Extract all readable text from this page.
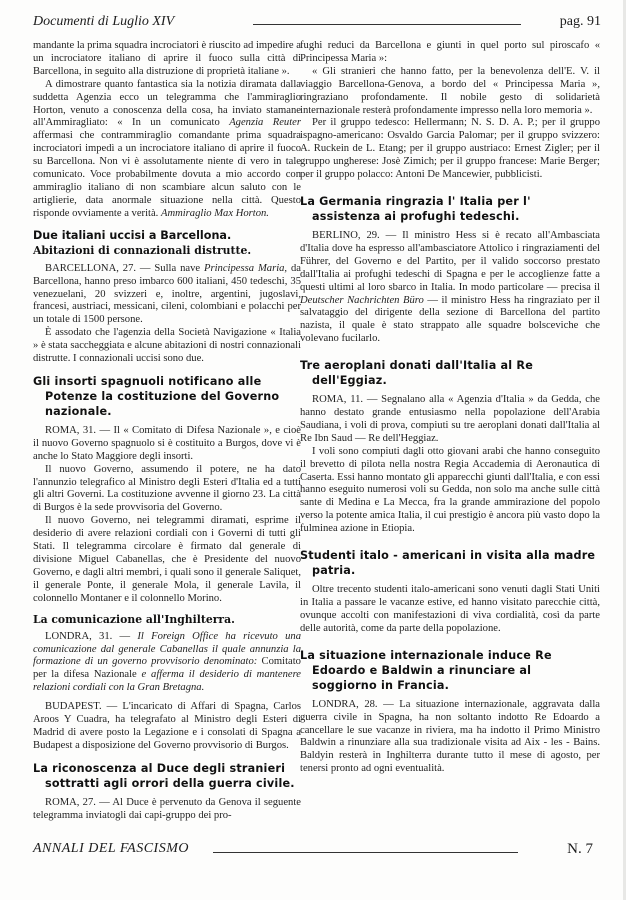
Documenti di Luglio XIV	pag. 91

mandante la prima squadra incrociatori è riuscito ad impedire a un incrociatore italiano di aprire il fuoco sulla città di Barcellona, in seguito alla distruzione di proprietà italiane ».

A dimostrare quanto fantastica sia la notizia diramata dalla suddetta Agenzia ecco un telegramma che l'ammiraglio Horton, venuto a conoscenza della cosa, ha inviato stamane all'Ammiragliato: « In un comunicato Agenzia Reuter affermasi che contrammiraglio comandante prima squadra incrociatori impedì a un incrociatore italiano di aprire il fuoco su Barcellona. Non vi è assolutamente niente di vero in tale comunicato. Voce probabilmente dovuta a mio accordo con ammiraglio italiano di non scambiare alcun saluto con le artiglierie, data anormale situazione nella città. Questo risponde ovviamente a verità. Ammiraglio Max Horton.

Due italiani uccisi a Barcellona.
Abitazioni di connazionali distrutte.

BARCELLONA, 27. — Sulla nave Principessa Maria, da Barcellona, hanno preso imbarco 600 italiani, 450 tedeschi, 35 venezuelani, 20 svizzeri e, inoltre, argentini, jugoslavi, francesi, austriaci, messicani, cileni, colombiani e polacchi per un totale di 1500 persone.

È assodato che l'agenzia della Società Navigazione « Italia » è stata saccheggiata e alcune abitazioni di nostri connazionali distrutte. I connazionali uccisi sono due.

Gli insorti spagnuoli notificano alle Potenze la costituzione del Governo nazionale.

ROMA, 31. — Il « Comitato di Difesa Nazionale », e cioè il nuovo Governo spagnuolo si è costituito a Burgos, dove vi è anche lo Stato Maggiore degli insorti.

Il nuovo Governo, assumendo il potere, ne ha dato l'annunzio telegrafico al Ministro degli Esteri d'Italia ed a tutti gli altri Governi. La costituzione avvenne il giorno 23. La città di Burgos è la sede provvisoria del Governo.

Il nuovo Governo, nei telegrammi diramati, esprime il desiderio di avere relazioni cordiali con i Governi di tutti gli Stati. Il telegramma circolare è firmato dal generale di divisione Miguel Cabanellas, che è Presidente del nuovo Governo, e dagli altri membri, i quali sono il generale Saliquet, il generale Ponte, il generale Mola, il generale Lavila, il colonnello Montaner e il colonnello Morino.

La comunicazione all'Inghilterra.

LONDRA, 31. — Il Foreign Office ha ricevuto una comunicazione dal generale Cabanellas il quale annunzia la formazione di un governo provvisorio denominato: Comitato per la difesa Nazionale e afferma il desiderio di mantenere relazioni cordiali con la Gran Bretagna.

BUDAPEST. — L'incaricato di Affari di Spagna, Carlos Aroos Y Cuadra, ha telegrafato al Ministro degli Esteri di Madrid di avere posto la Legazione e i consolati di Spagna a Budapest a disposizione del Governo provvisorio di Burgos.

La riconoscenza al Duce degli stranieri sottratti agli orrori della guerra civile.

ROMA, 27. — Al Duce è pervenuto da Genova il seguente telegramma inviatogli dai capi-gruppo dei pro-

fughi reduci da Barcellona e giunti in quel porto sul piroscafo « Principessa Maria »:

« Gli stranieri che hanno fatto, per la benevolenza dell'E. V. il viaggio Barcellona-Genova, a bordo del « Principessa Maria », ringraziano profondamente. Il nobile gesto di solidarietà internazionale resterà profondamente impresso nella loro memoria ».

Per il gruppo tedesco: Hellermann; N. S. D. A. P.; per il gruppo ispagno-americano: Osvaldo Garcia Palomar; per il gruppo svizzero: A. Ruckein de L. Etang; per il gruppo austriaco: Ernest Zigler; per il gruppo ungherese: Josè Zimich; per il gruppo francese: Marie Berger; per il gruppo polacco: Antoni De Mancewier, pubblicisti.

La Germania ringrazia l' Italia per l' assistenza ai profughi tedeschi.

BERLINO, 29. — Il ministro Hess si è recato all'Ambasciata d'Italia dove ha espresso all'ambasciatore Attolico i ringraziamenti del Führer, del Governo e del Partito, per il valido soccorso prestato dall'Italia ai profughi tedeschi di Spagna e per le accoglienze fatte a questi ultimi al loro sbarco in Italia. In modo particolare — precisa il Deutscher Nachrichten Büro — il ministro Hess ha ringraziato per il salvataggio del dirigente della sezione di Barcellona del partito nazista, il quale è stato strappato alle squadre bolsceviche che volevano fucilarlo.

Tre aeroplani donati dall'Italia al Re dell'Eggiaz.

ROMA, 11. — Segnalano alla « Agenzia d'Italia » da Gedda, che hanno destato grande entusiasmo nella popolazione dell'Arabia Saudiana, i voli di prova, compiuti su tre aeroplani donati dall'Italia al Re Ibn Saud — Re dell'Heggiaz.

I voli sono compiuti dagli otto giovani arabi che hanno conseguito il brevetto di pilota nella nostra Regia Accademia di Aeronautica di Caserta. Essi hanno montato gli apparecchi giunti dall'Italia, e con essi hanno eseguito numerosi voli su Gedda, non solo ma anche sulle città sante di Medina e La Mecca, fra la grande ammirazione del popolo verso la potente amica Italia, il cui prestigio è ancora più vasto dopo la fulminea azione in Etiopia.

Studenti italo - americani in visita alla madre patria.

Oltre trecento studenti italo-americani sono venuti dagli Stati Uniti in Italia a passare le vacanze estive, ed hanno visitato parecchie città, ovunque accolti con manifestazioni di viva cordialità, così da parte delle autorità, come da parte della popolazione.

La situazione internazionale induce Re Edoardo e Baldwin a rinunciare al soggiorno in Francia.

LONDRA, 28. — La situazione internazionale, aggravata dalla guerra civile in Spagna, ha non soltanto indotto Re Edoardo a cancellare le sue vacanze in riviera, ma ha indotto il Primo Ministro Baldwin a rinunziare alla sua tradizionale visita ad Aix - les - Bains. Baldyin resterà in Inghilterra durante tutto il mese di agosto, per tenersi pronto ad ogni eventualità.

ANNALI DEL FASCISMO	N. 7
